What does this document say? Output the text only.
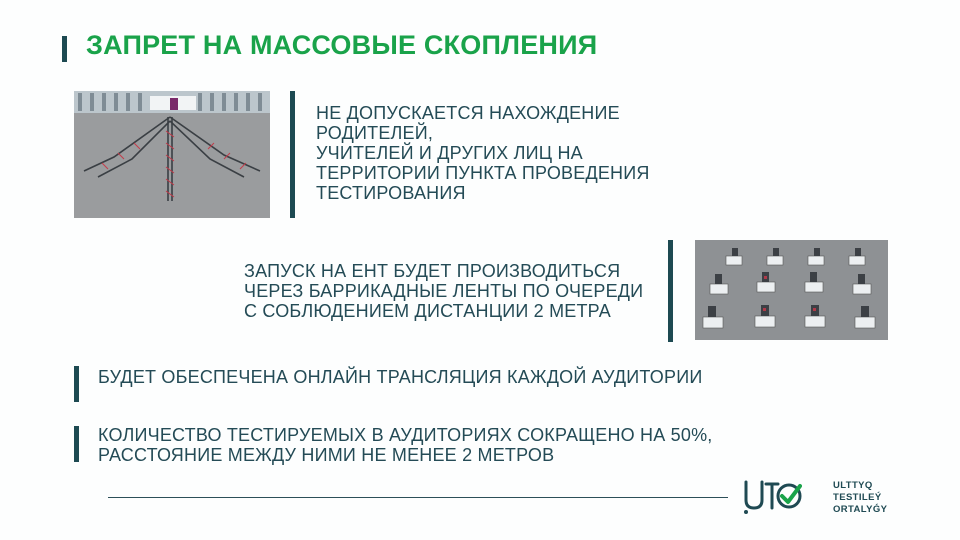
ЗАПРЕТ НА МАССОВЫЕ СКОПЛЕНИЯ
НЕ ДОПУСКАЕТСЯ НАХОЖДЕНИЕ
РОДИТЕЛЕЙ,
УЧИТЕЛЕЙ И ДРУГИХ ЛИЦ НА
ТЕРРИТОРИИ ПУНКТА ПРОВЕДЕНИЯ
ТЕСТИРОВАНИЯ
ЗАПУСК НА ЕНТ БУДЕТ ПРОИЗВОДИТЬСЯ
ЧЕРЕЗ БАРРИКАДНЫЕ ЛЕНТЫ ПО ОЧЕРЕДИ
С СОБЛЮДЕНИЕМ ДИСТАНЦИИ 2 МЕТРА
БУДЕТ ОБЕСПЕЧЕНА ОНЛАЙН ТРАНСЛЯЦИЯ КАЖДОЙ АУДИТОРИИ
КОЛИЧЕСТВО ТЕСТИРУЕМЫХ В АУДИТОРИЯХ СОКРАЩЕНО НА 50%,
РАССТОЯНИЕ МЕЖДУ НИМИ НЕ МЕНЕЕ 2 МЕТРОВ
ULTTYQ
TESTILEÝ
ORTALYǴY
